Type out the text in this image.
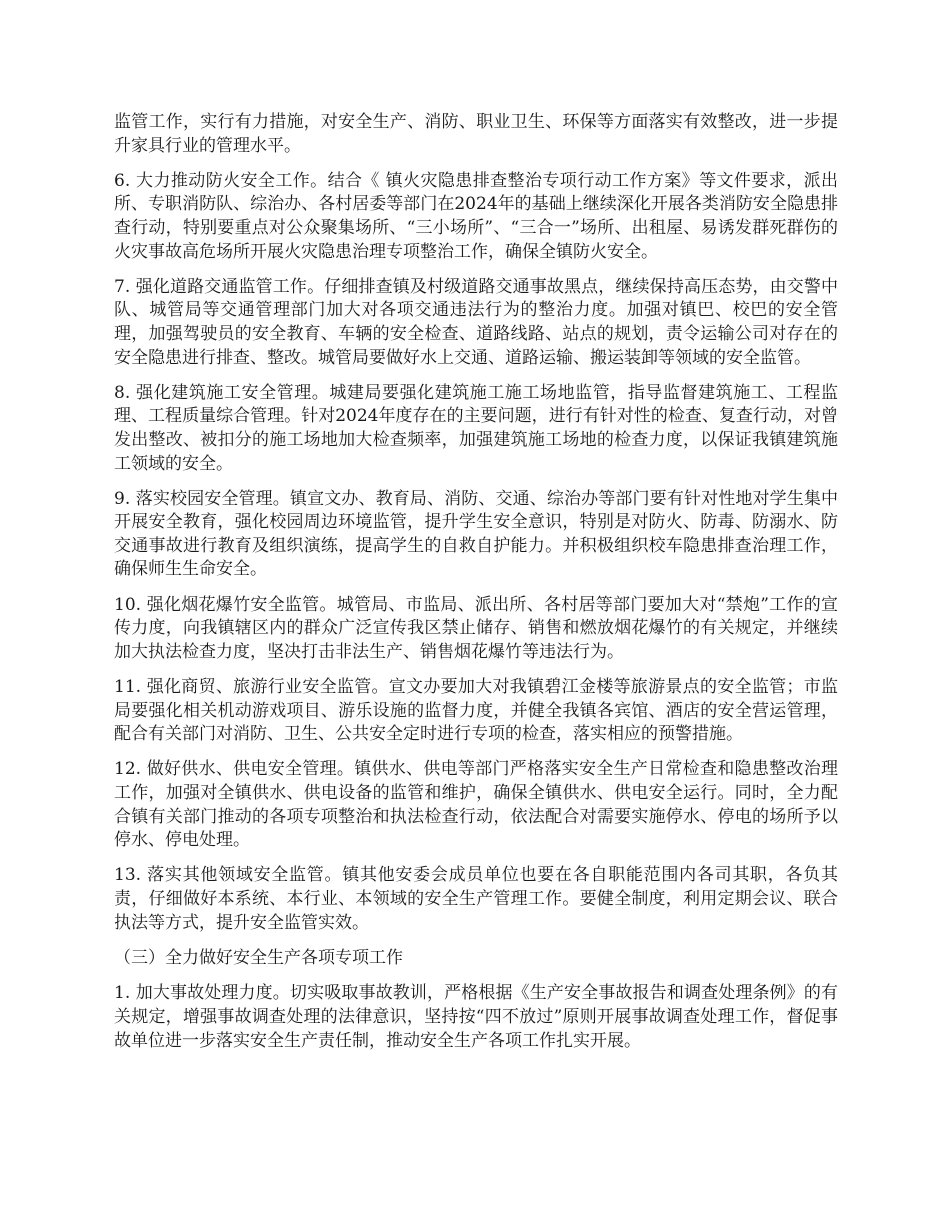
监管工作，实行有力措施，对安全生产、消防、职业卫生、环保等方面落实有效整改，进一步提升家具行业的管理水平。

6. 大力推动防火安全工作。结合《 镇火灾隐患排查整治专项行动工作方案》等文件要求，派出所、专职消防队、综治办、各村居委等部门在2024年的基础上继续深化开展各类消防安全隐患排查行动，特别要重点对公众聚集场所、“三小场所”、“三合一”场所、出租屋、易诱发群死群伤的火灾事故高危场所开展火灾隐患治理专项整治工作，确保全镇防火安全。

7. 强化道路交通监管工作。仔细排查镇及村级道路交通事故黑点，继续保持高压态势，由交警中队、城管局等交通管理部门加大对各项交通违法行为的整治力度。加强对镇巴、校巴的安全管理，加强驾驶员的安全教育、车辆的安全检查、道路线路、站点的规划，责令运输公司对存在的安全隐患进行排查、整改。城管局要做好水上交通、道路运输、搬运装卸等领域的安全监管。

8. 强化建筑施工安全管理。城建局要强化建筑施工施工场地监管，指导监督建筑施工、工程监理、工程质量综合管理。针对2024年度存在的主要问题，进行有针对性的检查、复查行动，对曾发出整改、被扣分的施工场地加大检查频率，加强建筑施工场地的检查力度，以保证我镇建筑施工领域的安全。

9. 落实校园安全管理。镇宣文办、教育局、消防、交通、综治办等部门要有针对性地对学生集中开展安全教育，强化校园周边环境监管，提升学生安全意识，特别是对防火、防毒、防溺水、防交通事故进行教育及组织演练，提高学生的自救自护能力。并积极组织校车隐患排查治理工作，确保师生生命安全。

10. 强化烟花爆竹安全监管。城管局、市监局、派出所、各村居等部门要加大对“禁炮”工作的宣传力度，向我镇辖区内的群众广泛宣传我区禁止储存、销售和燃放烟花爆竹的有关规定，并继续加大执法检查力度，坚决打击非法生产、销售烟花爆竹等违法行为。

11. 强化商贸、旅游行业安全监管。宣文办要加大对我镇碧江金楼等旅游景点的安全监管；市监局要强化相关机动游戏项目、游乐设施的监督力度，并健全我镇各宾馆、酒店的安全营运管理，配合有关部门对消防、卫生、公共安全定时进行专项的检查，落实相应的预警措施。

12. 做好供水、供电安全管理。镇供水、供电等部门严格落实安全生产日常检查和隐患整改治理工作，加强对全镇供水、供电设备的监管和维护，确保全镇供水、供电安全运行。同时，全力配合镇有关部门推动的各项专项整治和执法检查行动，依法配合对需要实施停水、停电的场所予以停水、停电处理。

13. 落实其他领域安全监管。镇其他安委会成员单位也要在各自职能范围内各司其职，各负其责，仔细做好本系统、本行业、本领域的安全生产管理工作。要健全制度，利用定期会议、联合执法等方式，提升安全监管实效。

（三）全力做好安全生产各项专项工作

1. 加大事故处理力度。切实吸取事故教训，严格根据《生产安全事故报告和调查处理条例》的有关规定，增强事故调查处理的法律意识，坚持按“四不放过”原则开展事故调查处理工作，督促事故单位进一步落实安全生产责任制，推动安全生产各项工作扎实开展。
